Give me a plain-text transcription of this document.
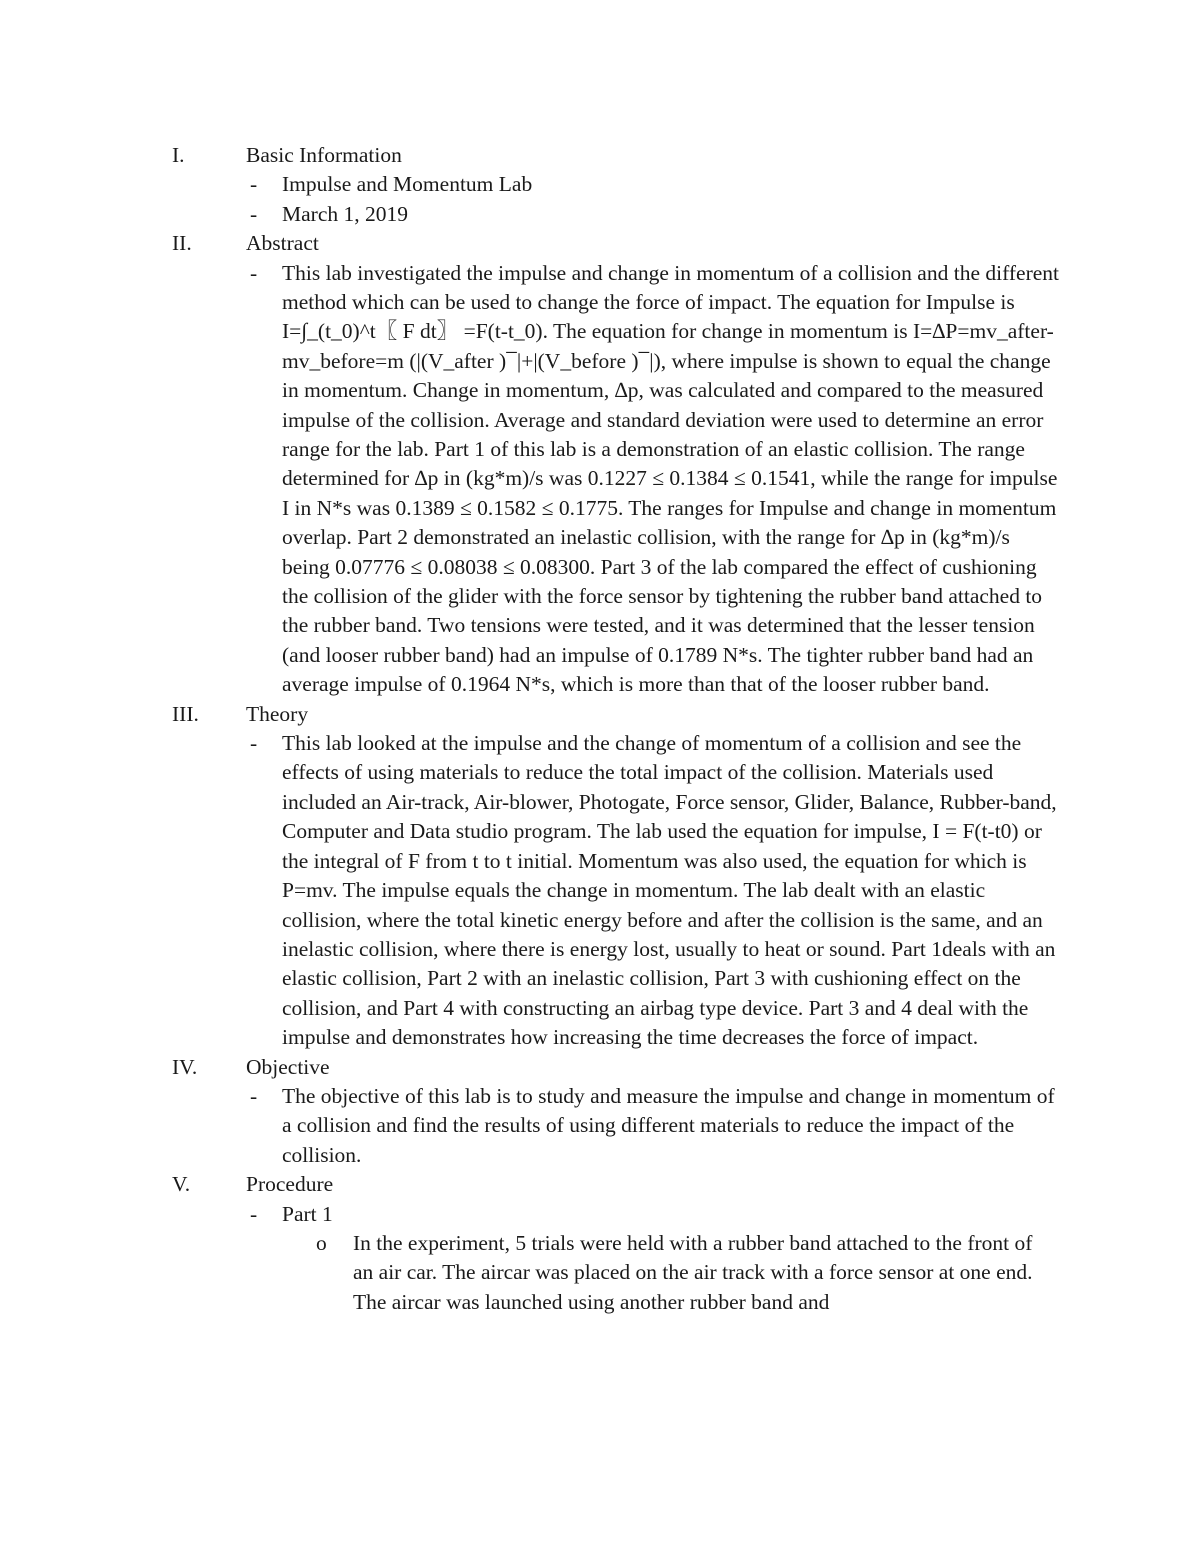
I.	Basic Information
- Impulse and Momentum Lab
- March 1, 2019
II.	Abstract
- This lab investigated the impulse and change in momentum of a collision and the different method which can be used to change the force of impact. The equation for Impulse is I=∫_(t_0)^t〖 F dt〗 =F(t-t_0). The equation for change in momentum is I=∆P=mv_after-mv_before=m (|(V_after ) ̅ |+|(V_before ) ̅ |), where impulse is shown to equal the change in momentum. Change in momentum, ∆p, was calculated and compared to the measured impulse of the collision. Average and standard deviation were used to determine an error range for the lab. Part 1 of this lab is a demonstration of an elastic collision. The range determined for ∆p in (kg*m)/s was 0.1227 ≤ 0.1384 ≤ 0.1541, while the range for impulse I in N*s was 0.1389 ≤ 0.1582 ≤ 0.1775. The ranges for Impulse and change in momentum overlap. Part 2 demonstrated an inelastic collision, with the range for ∆p in (kg*m)/s being 0.07776 ≤ 0.08038 ≤ 0.08300. Part 3 of the lab compared the effect of cushioning the collision of the glider with the force sensor by tightening the rubber band attached to the rubber band. Two tensions were tested, and it was determined that the lesser tension (and looser rubber band) had an impulse of 0.1789 N*s. The tighter rubber band had an average impulse of 0.1964 N*s, which is more than that of the looser rubber band.
III. Theory
- This lab looked at the impulse and the change of momentum of a collision and see the effects of using materials to reduce the total impact of the collision. Materials used included an Air-track, Air-blower, Photogate, Force sensor, Glider, Balance, Rubber-band, Computer and Data studio program. The lab used the equation for impulse, I = F(t-t0) or the integral of F from t to t initial. Momentum was also used, the equation for which is P=mv. The impulse equals the change in momentum. The lab dealt with an elastic collision, where the total kinetic energy before and after the collision is the same, and an inelastic collision, where there is energy lost, usually to heat or sound. Part 1deals with an elastic collision, Part 2 with an inelastic collision, Part 3 with cushioning effect on the collision, and Part 4 with constructing an airbag type device. Part 3 and 4 deal with the impulse and demonstrates how increasing the time decreases the force of impact.
IV. Objective
- The objective of this lab is to study and measure the impulse and change in momentum of a collision and find the results of using different materials to reduce the impact of the collision.
V.	Procedure
- Part 1
o In the experiment, 5 trials were held with a rubber band attached to the front of an air car. The aircar was placed on the air track with a force sensor at one end. The aircar was launched using another rubber band and
